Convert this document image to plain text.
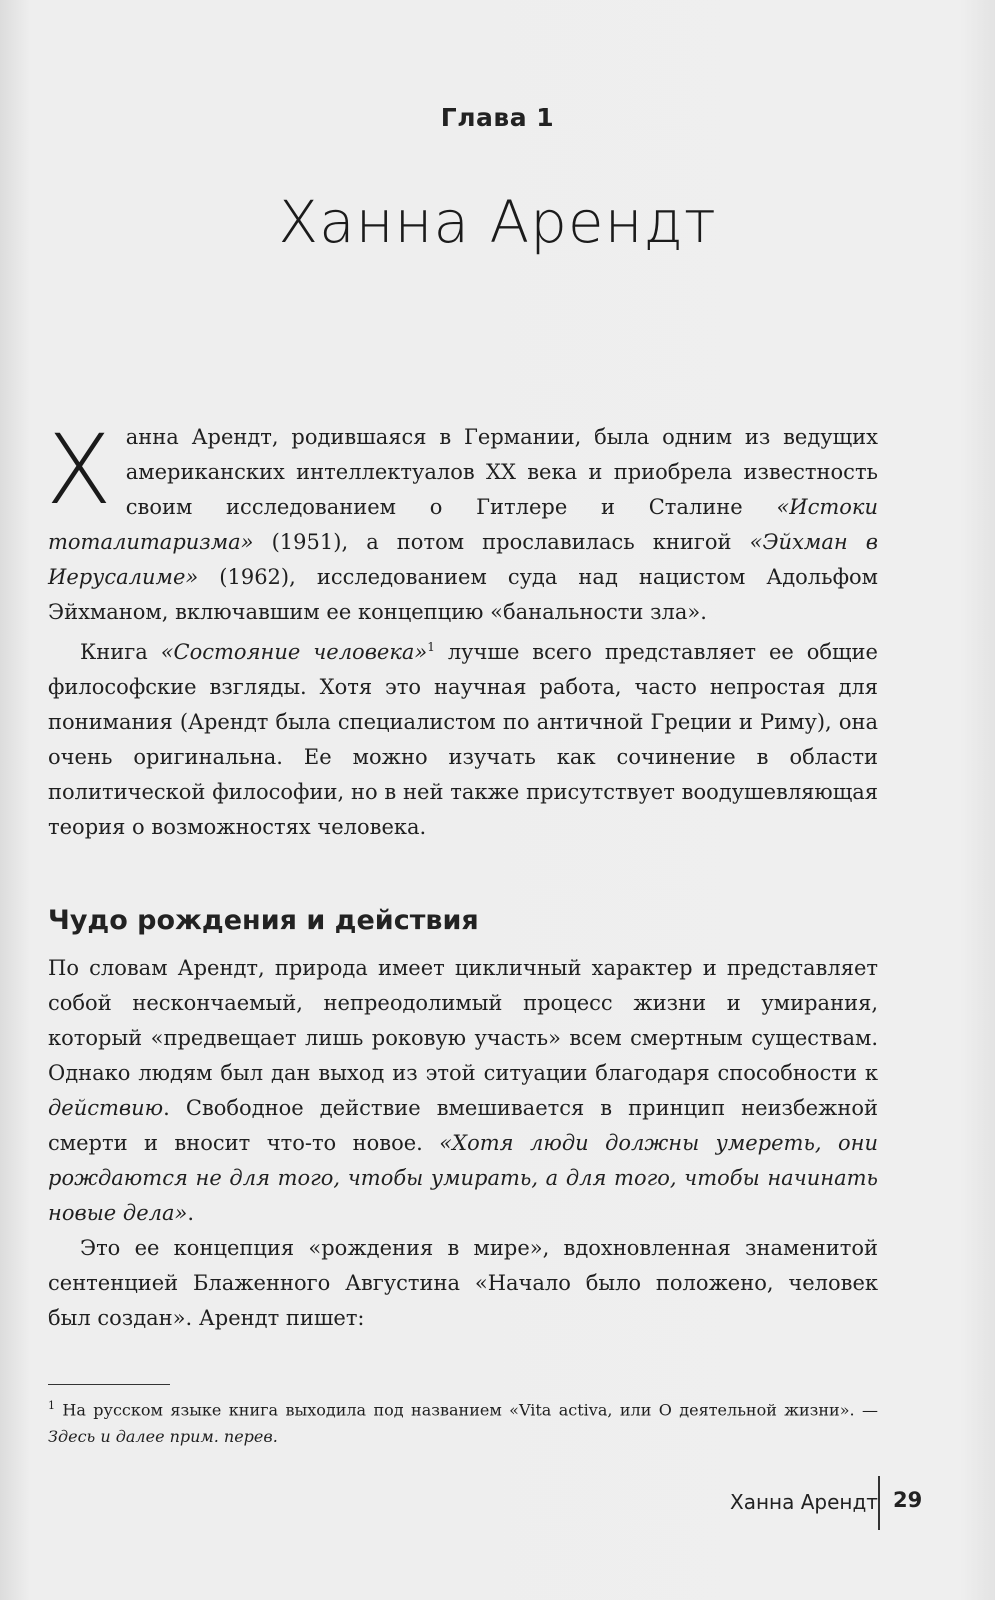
Глава 1
Ханна Арендт

Ханна Арендт, родившаяся в Германии, была одним из ведущих американских интеллектуалов XX века и приобрела известность своим исследованием о Гитлере и Сталине «Истоки тоталитаризма» (1951), а потом прославилась книгой «Эйхман в Иерусалиме» (1962), исследованием суда над нацистом Адольфом Эйхманом, включавшим ее концепцию «банальности зла».

Книга «Состояние человека»$^1$ лучше всего представляет ее общие философские взгляды. Хотя это научная работа, часто непростая для понимания (Арендт была специалистом по античной Греции и Риму), она очень оригинальна. Ее можно изучать как сочинение в области политической философии, но в ней также присутствует воодушевляющая теория о возможностях человека.

Чудо рождения и действия

По словам Арендт, природа имеет цикличный характер и представляет собой нескончаемый, непреодолимый процесс жизни и умирания, который «предвещает лишь роковую участь» всем смертным существам. Однако людям был дан выход из этой ситуации благодаря способности к действию. Свободное действие вмешивается в принцип неизбежной смерти и вносит что-то новое. «Хотя люди должны умереть, они рождаются не для того, чтобы умирать, а для того, чтобы начинать новые дела».

Это ее концепция «рождения в мире», вдохновленная знаменитой сентенцией Блаженного Августина «Начало было положено, человек был создан». Арендт пишет:

$^1$ На русском языке книга выходила под названием «Vita activa, или О деятельной жизни». — Здесь и далее прим. перев.
Ханна Арендт 29
